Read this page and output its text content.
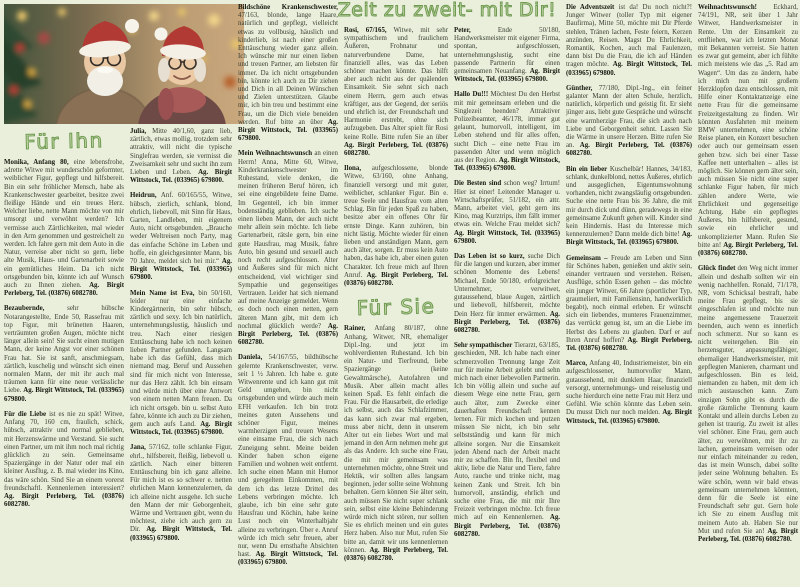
Zeit zu zweit- mit Dir!
Für Ihn

Monika, Anfang 80, eine lebensfrohe, adrette Witwe mit wunderschön geformter, weiblicher Figur, gepflegt und hilfsbereit. Bin ein sehr fröhlicher Mensch, habe als Krankenschwester gearbeitet, besitze zwei fleißige Hände und ein treues Herz. Welcher liebe, nette Mann möchte von mir umsorgt und verwöhnt werden? Ich vermisse auch Zärtlichkeiten, mal wieder in den Arm genommen und gestreichelt zu werden. Ich fahre gern mit dem Auto in die Natur, verreise aber nicht so gern, liebe alte Musik, Haus- und Gartenarbeit sowie ein gemütliches Heim. Da ich nicht ortsgebunden bin, könnte ich auf Wunsch auch zu Ihnen ziehen. Ag. Birgit Perleberg, Tel. (03876) 6082780.

Bezaubernde,	sehr hübsche Notarangestellte, Ende 50, Rassefrau mit top Figur, mit brünetten Haaren, verträumten großen Augen, möchte nicht länger allein sein! Sie sucht einen mutigen Mann, der keine Angst vor einer schönen Frau hat. Sie ist sanft, anschmiegsam, zärtlich, kuschelig und wünscht sich einen normalen Mann, der mit ihr auch mal träumen kann für eine neue verlässliche Liebe. Ag. Birgit Wittstock, Tel. (033965) 679800.

Für die Liebe ist es nie zu spät! Witwe, Anfang 70, 160 cm, fraulich, schick, hübsch, attraktiv und normal geblieben, mit Herzenswärme und Verstand. Sie sucht einen Partner, um mit ihm noch mal richtig glücklich zu sein. Gemeinsame Spaziergänge in der Natur oder mal ein kleiner Ausflug, z. B. mal wieder ins Kino, das wäre schön. Sind Sie an einem vorerst freundschaftl. Kennenlernen interessiert? Ag. Birgit Perleberg, Tel. (03876) 6082780.

Julia, Mitte 40/1,60, ganz lieb, zärtlich, etwas mollig, trotzdem sehr attraktiv, will nicht die typische Singlefrau werden, sie vermisst die Zweisamkeit sehr und sucht ihn zum Lieben und Leben. Ag. Birgit Wittstock, Tel. (033965) 679800.

Heidrun, Anf. 60/165/55, Witwe, hübsch, zierlich, schlank, blond, ehrlich, liebevoll, mit Sinn für Haus, Garten, Landleben, mit eigenem Auto, nicht ortsgebunden. „Brauche weder Weltreisen noch Party, mag das einfache Schöne im Leben und hoffe, ein gleichgesinnter Mann, bis 70 Jahre, meldet sich bei mir.“ Ag. Birgit Wittstock, Tel. (033965) 679800.

Mein Name ist Eva, bin 50/160, leider nur eine einfache Kindergärtnerin, bin sehr hübsch, zärtlich und sexy. Ich bin natürlich, unternehmungslustig, häuslich und treu. Nach einer riesigen Enttäuschung habe ich noch keinen lieben Partner gefunden. Langsam habe ich das Gefühl, dass mich niemand mag. Beruf und Aussehen sind für mich nicht von Interesse, nur das Herz zählt. Ich bin einsam und würde mich über eine Antwort von einem netten Mann freuen. Da ich nicht ortsgeb. bin u. selbst Auto fahre, könnte ich auch zu Dir ziehen, gern auch aufs Land. Ag. Birgit Wittstock, Tel. (033965) 679800.

Jana, 57/162, tolle schlanke Figur, ehrl., hilfsbereit, fleißig, liebevoll u. zärtlich. Nach einer bitteren Enttäuschung bin ich ganz alleine. Für mich ist es so schwer e. netten ehrlichen Mann kennenzulernen, da ich alleine nicht ausgehe. Ich suche den Mann der mir Geborgenheit, Wärme und Vertrauen gibt, wenn du möchtest, ziehe ich auch gern zu Dir. Ag. Birgit Wittstock, Tel. (033965) 679800.

Bildschöne Krankenschwester, 47/163, blonde, lange Haare, natürlich und gepflegt, vielleicht etwas zu vollbusig, häuslich und kinderlieb, ist nach einer großen Enttäuschung wieder ganz allein. Ich wünsche mir nur einen lieben und treuen Partner, am liebsten für immer. Da ich nicht ortsgebunden bin, könnte ich auch zu Dir ziehen und Dich in all Deinen Wünschen und Zielen unterstützen. Glaube mir, ich bin treu und bestimmt eine Frau, um die Dich viele beneiden werden. Ruf bitte an über Ag. Birgit Wittstock, Tel. (033965) 679800.

Mein Weihnachtswunsch an einen Herrn! Anna, Mitte 60, Witwe, Kinderkrankenschwester im Ruhestand, viele denken, die meinen früheren Beruf hören, ich sei eine eingebildete feine Dame. Im Gegenteil, ich bin immer bodenständig geblieben. Ich suche einen lieben Mann, der auch nicht mehr allein sein möchte. Ich liebe Gartenarbeit, rätsle gern, bin eine gute Hausfrau, mag Musik, fahre Auto, bin gesund und sexuell auch noch recht aufgeschlossen. Alter und Äußeres sind für mich nicht entscheidend, viel wichtiger sind Sympathie und gegenseitiges Vertrauen. Leider hat sich niemand auf meine Anzeige gemeldet. Wenn es doch noch einen netten, gern älteren Mann gibt, mit dem ich nochmal glücklich werde? Ag. Birgit Perleberg, Tel. (03876) 6082780.

Daniela, 54/167/55, bildhübsche gelernte Krankenschwester, verw. seit 1 ½ Jahren. Ich habe e. gute Witwenrente und ich kann gut mit Geld umgehen, bin nicht ortsgebunden und würde auch mein EFH verkaufen. Ich bin trotz meines guten Aussehens und schöner Figur, meines warmherzigen und treuen Wesens eine einsame Frau, die sich nach Zuneigung sehnt. Meine beiden Kinder haben schon eigene Familien und wohnen weit entfernt. Ich suche einen Mann mit Humor und geregeltem Einkommen, mit dem ich das letzte Drittel des Lebens verbringen möchte. Ich glaube, ich bin eine sehr gute Hausfrau und Köchin, habe keine Lust noch ein Winterhalbjahr alleine zu verbringen. Über e. Anruf würde ich mich sehr freuen, aber nur, wenn Du ernsthafte Absichten hast. Ag. Birgit Wittstock, Tel. (033965) 679800.

Rosi, 67/165, Witwe, mit sehr sympathischem und fraulichem Äußeren, Frohnatur und naturverbundene Dame, hat finanziell alles, was das Leben schöner machen könnte. Das hilft aber auch nicht aus der quälenden Einsamkeit. Sie sehnt sich nach einem Herrn, gern auch etwas kräftiger, aus der Gegend, der seriös und ehrlich ist, der Freundschaft und Harmonie erstrebt, ohne sich aufzugeben. Das Alter spielt für Rosi keine Rolle. Bitte rufen Sie an über Ag. Birgit Perleberg, Tel. (03876) 6082780.

Ilona, aufgeschlossene, blonde Witwe, 63/160, ohne Anhang, finanziell versorgt und mit guter, weiblicher, schlanker Figur. Bin e. treue Seele und Hausfrau vom alten Schlag. Bin für jeden Spaß zu haben, besitze aber ein offenes Ohr für ernste Dinge. Kann zuhören, bin nicht lästig. Möchte wieder für einen lieben und anständigen Mann, gern auch älter, sorgen. Er muss kein Auto haben, das habe ich, aber einen guten Charakter. Ich freue mich auf Ihren Anruf. Ag. Birgit Perleberg, Tel. (03876) 6082780.

Für Sie

Rainer, Anfang 80/187, ohne Anhang, Witwer, NR, ehemaliger Dipl.-Ing. und jetzt im wohlverdienten Ruhestand. Ich bin ein Natur- und Tierfreund, liebe Spaziergänge (keine Gewaltmärsche), Autofahren und Musik. Aber allein macht alles keinen Spaß. Es fehlt einfach die Frau. Für die Hausarbeit, die erledige ich selbst, auch das Schlafzimmer, das kann sich zwar mal ergeben, muss aber nicht, denn in unserem Alter tut ein liebes Wort und mal jemand in den Arm nehmen mehr gut als das Andere. Ich suche eine Frau, die mit mir gemeinsam was unternehmen möchte, ohne Streit und Hektik, wir sollten alles langsam beginnen, jeder sollte seine Wohnung behalten. Gern können Sie älter sein, auch müssen Sie nicht super schlank sein, selbst eine kleine Behinderung würde mich nicht stören, nur sollten Sie es ehrlich meinen und ein gutes Herz haben. Also nur Mut, rufen Sie bitte an, damit wir uns kennenlernen können. Ag. Birgit Perleberg, Tel. (03876) 6082780.

Peter,	Ende 50/180, Handwerksmeister mit eigener Firma, spontan, aufgeschlossen, unternehmungslustig, sucht eine passende Partnerin für einen gemeinsamen Neuanfang. Ag. Birgit Wittstock, Tel. (033965) 679800.

Hallo Du!!! Möchtest Du den Herbst mit mir gemeinsam erleben und die Singlezeit beenden? Attraktiver Polizeibeamter, 46/178, immer gut gelaunt, humorvoll, intelligent, im Leben stehend und für alles offen, sucht Dich – eine nette Frau im passenden Alter und wenn möglich aus der Region. Ag. Birgit Wittstock, Tel. (033965) 679800.

Die Besten sind schon weg? Irrtum! Hier ist einer! Leitender Manager u. Wirtschaftsprüfer, 51/182, ein attr. Mann, arbeitet viel, geht gern ins Kino, mag Kurztrips, ihm fällt immer etwas ein. Welche Frau meldet sich? Ag. Birgit Wittstock, Tel. (033965) 679800.

Das Leben ist so kurz, suche Dich für die langen und kurzen, aber immer schönen Momente des Lebens! Michael, Ende 50/180, erfolgreicher Unternehmer, verwitwet, gutaussehend, blaue Augen, zärtlich und liebevoll, hilfsbereit, möchte Dein Herz für immer erwärmen. Ag. Birgit Perleberg, Tel. (03876) 6082780.

Sehr sympathischer Tierarzt, 63/185, geschieden, NR. Ich habe nach einer schmerzvollen Trennung lange Zeit nur für meine Arbeit gelebt und sehn mich nach einer liebevollen Partnerin. Ich bin völlig allein und suche auf diesem Wege eine nette Frau, gern auch älter, zum Zwecke einer dauerhaften Freundschaft kennen lernen. Für mich kochen und putzen müssen Sie nicht, ich bin sehr selbstständig und kann für mich alleine sorgen. Nur die Einsamkeit jeden Abend nach der Arbeit macht mir zu schaffen. Bin fit, flexibel und aktiv, liebe die Natur und Tiere, fahre Auto, rauche und trinke nicht, mag keinen Zank und Streit. Ich bin humorvoll, anständig, ehrlich und suche eine Frau, die mit mir Ihre Freizeit verbringen möchte. Ich freue mich auf ein Kennenlernen. Ag. Birgit Perleberg, Tel. (03876) 6082780.

Die Adventszeit ist da! Du noch nicht?! Junger Witwer (toller Typ mit eigener Baufirma), Mitte 50, möchte mit Dir Pferde stehlen, Tränen lachen, Feste feiern, Kerzen anzünden, Reisen. Magst Du Ehrlichkeit, Romantik, Kochen, auch mal Faulenzen, dann bist Du die Frau, die ich auf Händen tragen möchte. Ag. Birgit Wittstock, Tel. (033965) 679800.

Günther, 77/180, Dipl.-Ing., ein feiner galanter Mann der alten Schule, herzlich, natürlich, körperlich und geistig fit. Er sieht jünger aus, liebt gute Gespräche und wünscht eine warmherzige Frau, die sich auch nach Liebe und Geborgenheit sehnt. Lassen Sie die Wärme in unsere Herzen. Bitte rufen Sie an. Ag. Birgit Perleberg, Tel. (03876) 6082780.

Bin ein lieber Kuschelbär! Hannes, 34/183, schlank, dunkelblond, nettes Äußeres, ehrlich und ausgeglichen, Eigentumswohnung vorhanden, nicht zwangsläufig ortsgebunden. Suche eine nette Frau bis 36 Jahre, die mit mir durch dick und dünn, geradewegs in eine gemeinsame Zukunft gehen will. Kinder sind kein Hindernis. Hast du Interesse mich kennenzulernen? Dann melde dich bitte! Ag. Birgit Wittstock, Tel. (033965) 679800.

Gemeinsam – Freude am Leben und Sinn für Schönes haben, genießen und aktiv sein, einander vertrauen und verstehen. Reisen, Ausflüge, schön Essen gehen – das möchte ein junger Witwer, 66 Jahre (sportlicher Typ, graumeliert, mit Familiensinn, handwerklich begabt), noch einmal erleben. Er wünscht sich ein liebendes, munteres Frauenzimmer, das verrückt genug ist, um an die Liebe im Herbst des Lebens zu glauben. Darf er auf Ihren Anruf hoffen? Ag. Birgit Perleberg, Tel. (03876) 6082780.

Marco, Anfang 40, Industriemeister, bin ein aufgeschlossener, humorvoller Mann, gutaussehend, mit dunklem Haar, finanziell versorgt, unternehmungs- und reiselustig und suche hierdurch eine nette Frau mit Herz und Gefühl. Wie schön könnte das Leben sein. Du musst Dich nur noch melden. Ag. Birgit Wittstock, Tel. (033965) 679800.

Weihnachtswunsch! Eckhard, 74/191, NR, seit über 1 Jahr Witwer, Handwerksmeister in Rente. Um der Einsamkeit zu entfliehen, war ich letzten Monat mit Bekannten verreist. Sie hatten es zwar gut gemeint, aber ich fühlte mich meistens wie das „5. Rad am Wagen“. Um das zu ändern, habe ich mich nun mit großem Herzklopfen dazu entschlossen, mit Hilfe einer Kontaktanzeige eine nette Frau für die gemeinsame Freizeitgestaltung zu finden. Wir könnten Ausfahrten mit meinem BMW unternehmen, eine schöne Reise planen, ein Konzert besuchen oder auch nur gemeinsam essen gehen bzw. sich bei einer Tasse Kaffee nett unterhalten – alles ist möglich. Sie können gern älter sein, auch müssen Sie nicht eine super schlanke Figur haben, für mich zählen andere Werte, wie Ehrlichkeit und gegenseitige Achtung. Habe ein gepflegtes Äußeres, bin hilfsbereit, gesund, sowie ein ehrlicher und unkomplizierter Mann. Rufen Sie bitte an! Ag. Birgit Perleberg, Tel. (03876) 6082780.

Glück findet den Weg nicht immer allein und deshalb sollten wir ein wenig nachhelfen. Ronald, 71/178, NR, vom Schicksal bestraft, habe meine Frau gepflegt, bis sie eingeschlafen ist und möchte nun meine angemessene Trauerzeit beenden, auch wenn es innerlich noch schmerzt. Nur so kann es nicht weitergehen. Bin ein herzensguter, anpassungsfähiger, ehemaliger Handwerksmeister, mit gepflegten Manieren, charmant und aufgeschlossen. Bin es leid, niemanden zu haben, mit dem ich mich austauschen kann. Zum einzigen Sohn gibt es durch die große räumliche Trennung kaum Kontakt und allein durchs Leben zu gehen ist traurig. Zu zweit ist alles viel schöner. Eine Frau, gern auch älter, zu verwöhnen, mit ihr zu lachen, gemeinsam verreisen oder nur einfach miteinander zu reden, das ist mein Wunsch, dabei sollte jeder seine Wohnung behalten. Es wäre schön, wenn wir bald etwas gemeinsam unternehmen könnten, denn für die Seele ist eine Freundschaft sehr gut. Gern hole ich Sie zu einem Ausflug mit meinem Auto ab. Haben Sie nur Mut und rufen Sie an! Ag. Birgit Perleberg, Tel. (03876) 6082780.
